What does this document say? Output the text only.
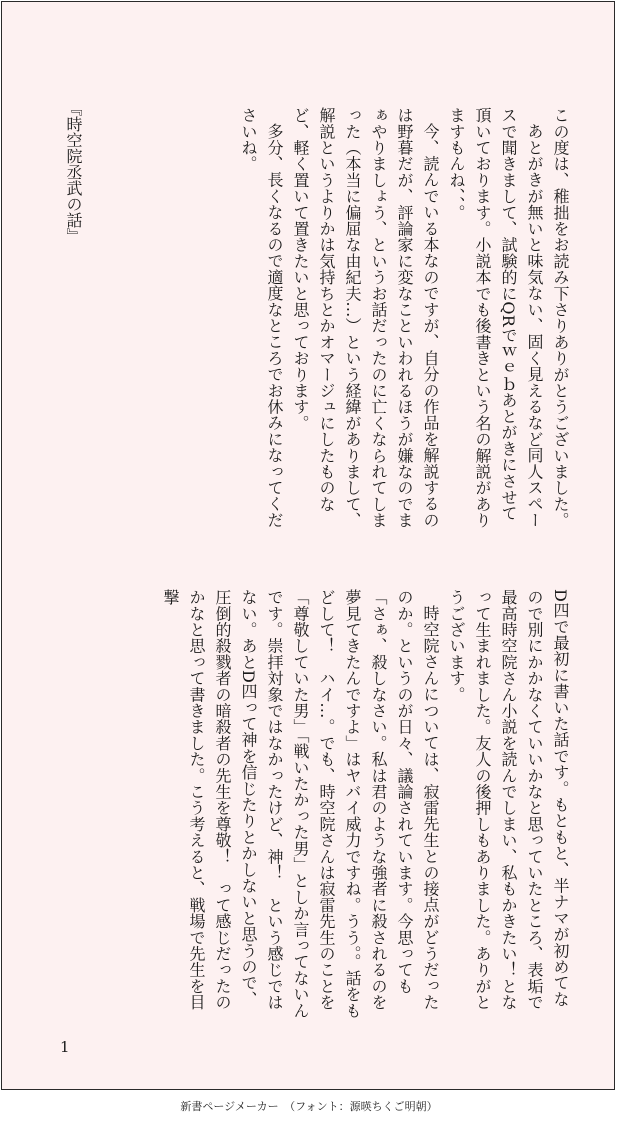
この度は、稚拙をお読み下さりありがとうございました。
あとがきが無いと味気ない、固く見えるなど同人スペースで聞きまして、試験的にQRでｗｅｂあとがきにさせて頂いております。小説本でも後書きという名の解説がありますもんね、、。
今、読んでいる本なのですが、自分の作品を解説するのは野暮だが、評論家に変なこといわれるほうが嫌なのでまぁやりましょう、というお話だったのに亡くなられてしまった（本当に偏屈な由紀夫…）という経緯がありまして、解説というよりかは気持ちとかオマージュにしたものなど、軽く置いて置きたいと思っております。
多分、長くなるので適度なところでお休みになってくださいね。
『時空院丞武の話』
D四で最初に書いた話です。もともと、半ナマが初めてなので別にかかなくていいかなと思っていたところ、表垢で最高時空院さん小説を読んでしまい、私もかきたい！となって生まれました。友人の後押しもありました。ありがとうございます。
時空院さんについては、寂雷先生との接点がどうだったのか。というのが日々、議論されています。今思っても「さぁ、殺しなさい。私は君のような強者に殺されるのを夢見てきたんですよ」はヤバイ威力ですね。うう。。話をもどして！　ハイ…。でも、時空院さんは寂雷先生のことを「尊敬していた男」「戦いたかった男」としか言ってないんです。崇拝対象ではなかったけど、神！　という感じではない。あとD四って神を信じたりとかしないと思うので、圧倒的殺戮者の暗殺者の先生を尊敬！　って感じだったのかなと思って書きました。こう考えると、戦場で先生を目撃
1
新書ページメーカー　（フォント：源暎ちくご明朝）
